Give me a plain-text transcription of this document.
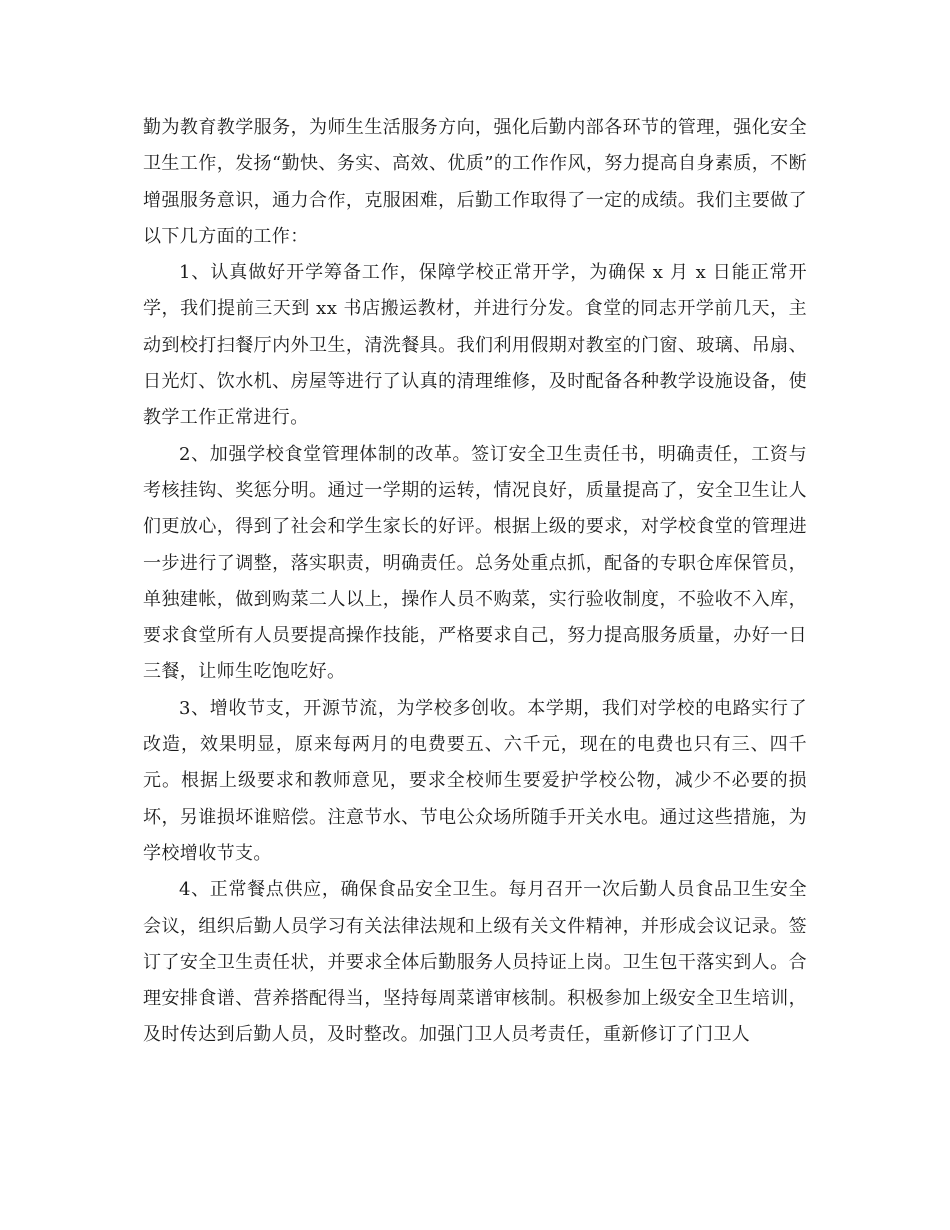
勤为教育教学服务，为师生生活服务方向，强化后勤内部各环节的管理，强化安全卫生工作，发扬“勤快、务实、高效、优质”的工作作风，努力提高自身素质，不断增强服务意识，通力合作，克服困难，后勤工作取得了一定的成绩。我们主要做了以下几方面的工作：

1、认真做好开学筹备工作，保障学校正常开学，为确保 x 月 x 日能正常开学，我们提前三天到 xx 书店搬运教材，并进行分发。食堂的同志开学前几天，主动到校打扫餐厅内外卫生，清洗餐具。我们利用假期对教室的门窗、玻璃、吊扇、日光灯、饮水机、房屋等进行了认真的清理维修，及时配备各种教学设施设备，使教学工作正常进行。

2、加强学校食堂管理体制的改革。签订安全卫生责任书，明确责任，工资与考核挂钩、奖惩分明。通过一学期的运转，情况良好，质量提高了，安全卫生让人们更放心，得到了社会和学生家长的好评。根据上级的要求，对学校食堂的管理进一步进行了调整，落实职责，明确责任。总务处重点抓，配备的专职仓库保管员，单独建帐，做到购菜二人以上，操作人员不购菜，实行验收制度，不验收不入库，要求食堂所有人员要提高操作技能，严格要求自己，努力提高服务质量，办好一日三餐，让师生吃饱吃好。

3、增收节支，开源节流，为学校多创收。本学期，我们对学校的电路实行了改造，效果明显，原来每两月的电费要五、六千元，现在的电费也只有三、四千元。根据上级要求和教师意见，要求全校师生要爱护学校公物，减少不必要的损坏，另谁损坏谁赔偿。注意节水、节电公众场所随手开关水电。通过这些措施，为学校增收节支。

4、正常餐点供应，确保食品安全卫生。每月召开一次后勤人员食品卫生安全会议，组织后勤人员学习有关法律法规和上级有关文件精神，并形成会议记录。签订了安全卫生责任状，并要求全体后勤服务人员持证上岗。卫生包干落实到人。合理安排食谱、营养搭配得当，坚持每周菜谱审核制。积极参加上级安全卫生培训，及时传达到后勤人员，及时整改。加强门卫人员考责任，重新修订了门卫人
